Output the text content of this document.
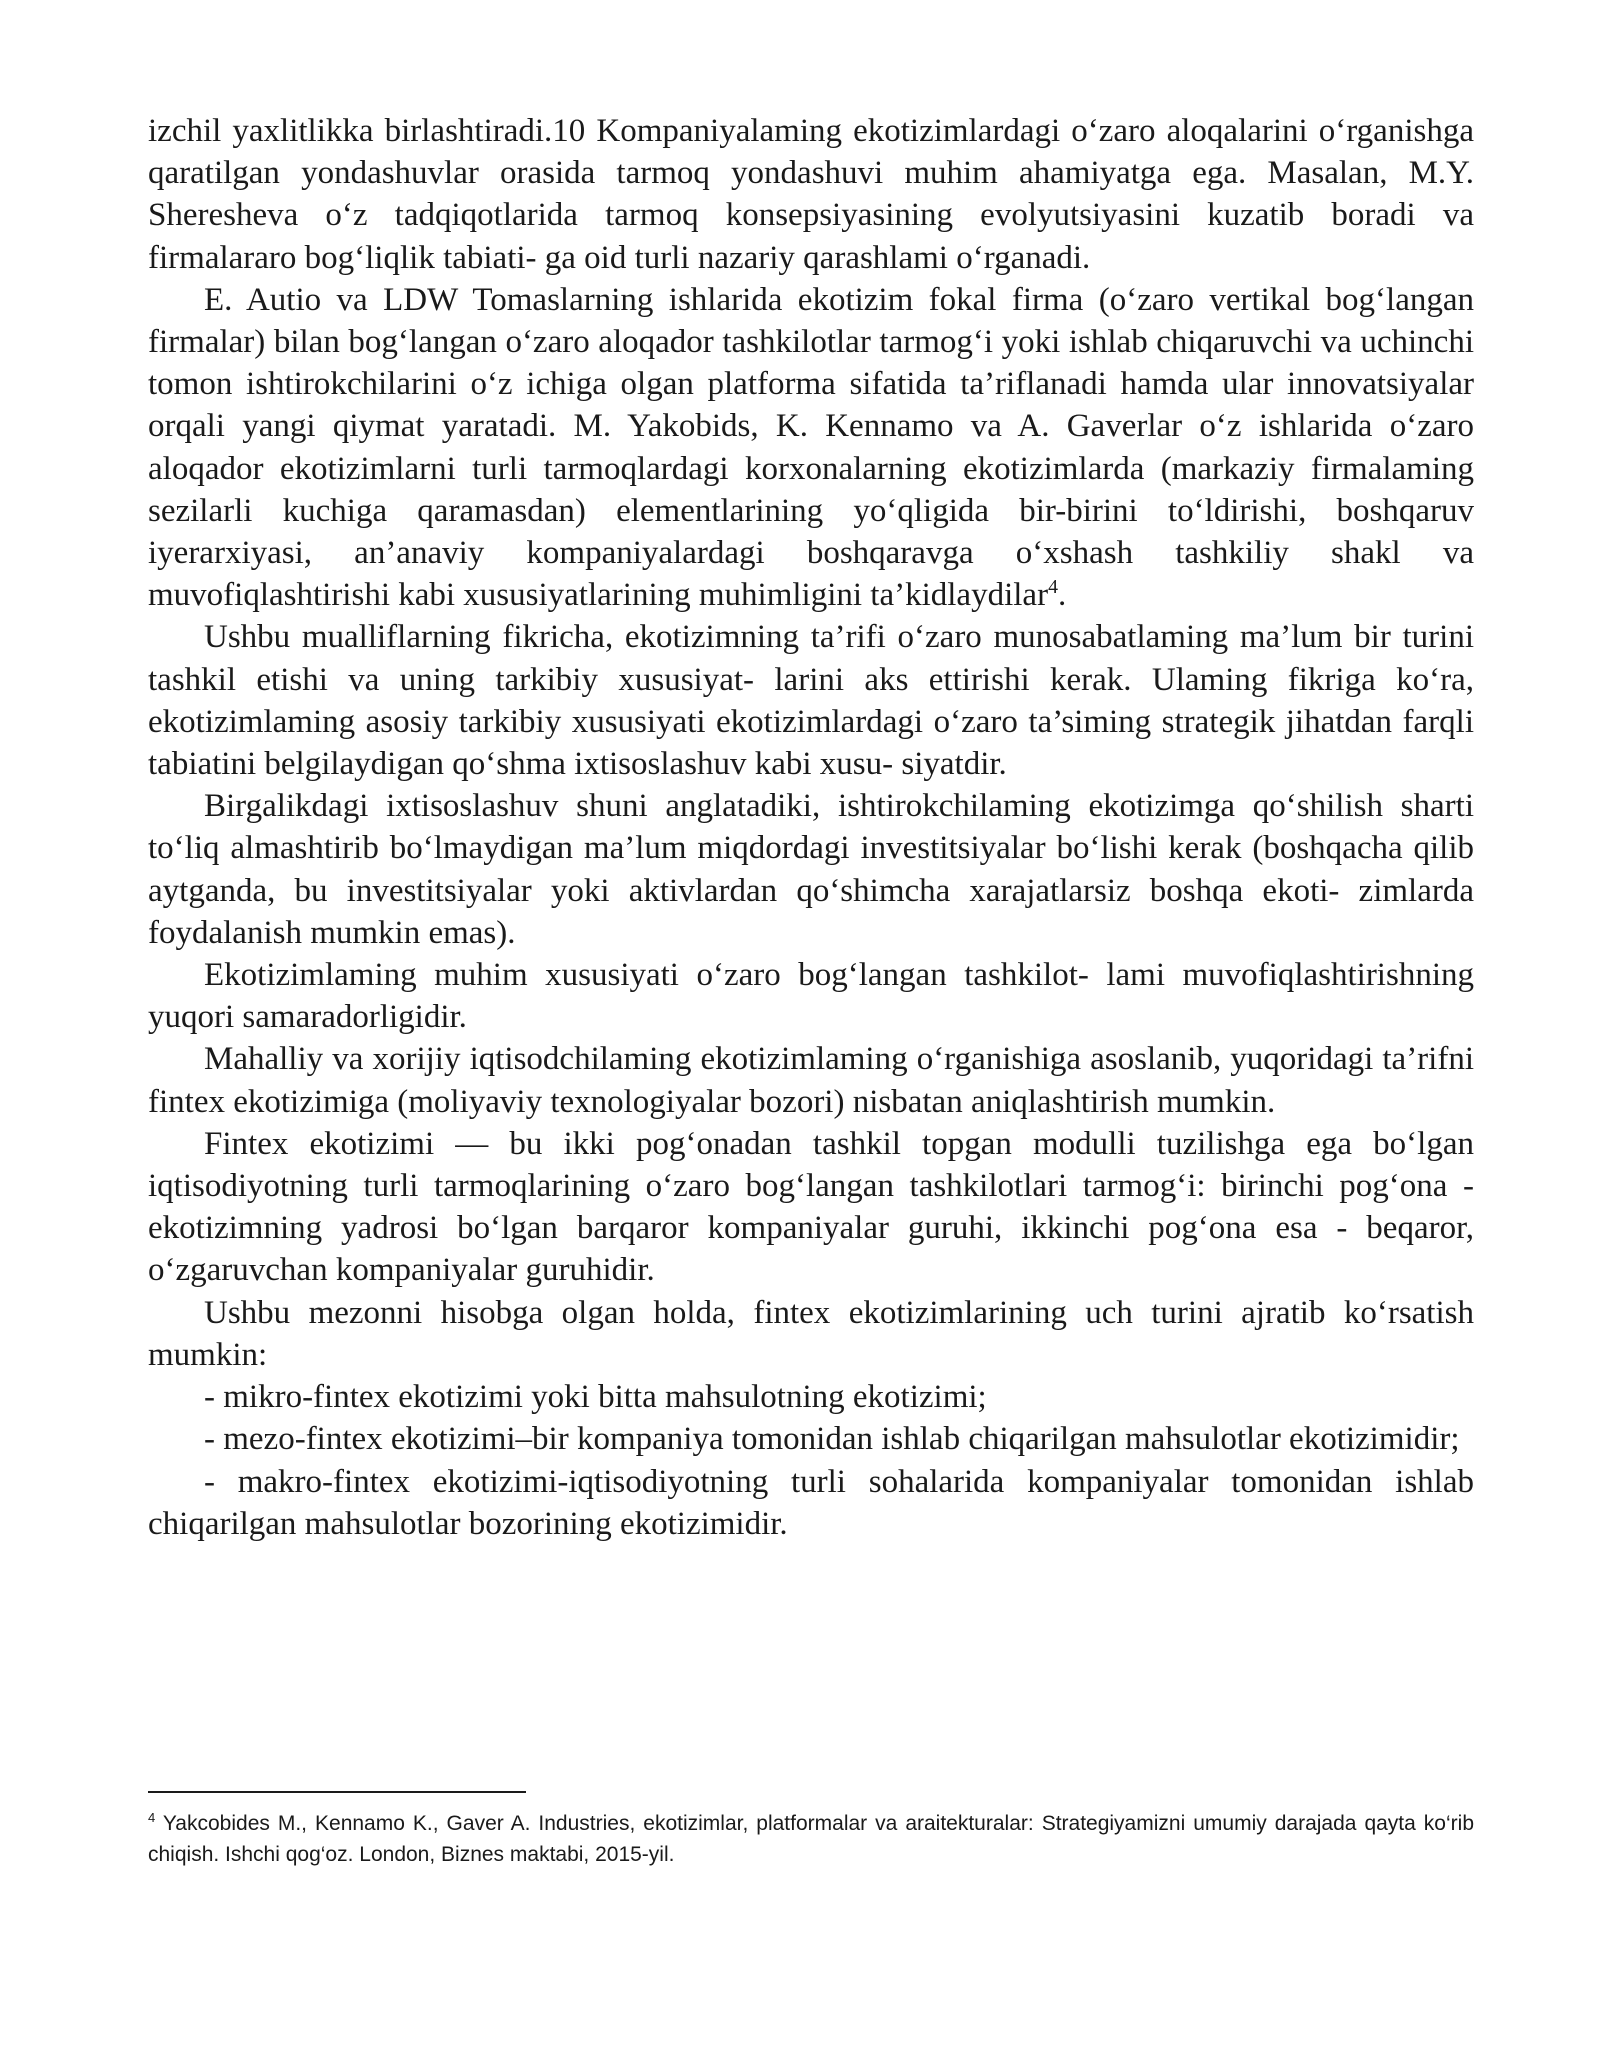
izchil yaxlitlikka birlashtiradi.10 Kompaniyalaming ekotizimlardagi o‘zaro aloqalarini o‘rganishga qaratilgan yondashuvlar orasida tarmoq yondashuvi muhim ahamiyatga ega. Masalan, M.Y. Sheresheva o‘z tadqiqotlarida tarmoq konsepsiyasining evolyutsiyasini kuzatib boradi va firmalararo bog‘liqlik tabiati- ga oid turli nazariy qarashlami o‘rganadi.

E. Autio va LDW Tomaslarning ishlarida ekotizim fokal firma (o‘zaro vertikal bog‘langan firmalar) bilan bog‘langan o‘zaro aloqador tashkilotlar tarmog‘i yoki ishlab chiqaruvchi va uchinchi tomon ishtirokchilarini o‘z ichiga olgan platforma sifatida ta’riflanadi hamda ular innovatsiyalar orqali yangi qiymat yaratadi. M. Yakobids, K. Kennamo va A. Gaverlar o‘z ishlarida o‘zaro aloqador ekotizimlarni turli tarmoqlardagi korxonalarning ekotizimlarda (markaziy firmalaming sezilarli kuchiga qaramasdan) elementlarining yo‘qligida bir-birini to‘ldirishi, boshqaruv iyerarxiyasi, an’anaviy kompaniyalardagi boshqaravga o‘xshash tashkiliy shakl va muvofiqlashtirishi kabi xususiyatlarining muhimligini ta’kidlaydilar$^4$.

Ushbu mualliflarning fikricha, ekotizimning ta’rifi o‘zaro munosabatlaming ma’lum bir turini tashkil etishi va uning tarkibiy xususiyat- larini aks ettirishi kerak. Ulaming fikriga ko‘ra, ekotizimlaming asosiy tarkibiy xususiyati ekotizimlardagi o‘zaro ta’siming strategik jihatdan farqli tabiatini belgilaydigan qo‘shma ixtisoslashuv kabi xusu- siyatdir.

Birgalikdagi ixtisoslashuv shuni anglatadiki, ishtirokchilaming ekotizimga qo‘shilish sharti to‘liq almashtirib bo‘lmaydigan ma’lum miqdordagi investitsiyalar bo‘lishi kerak (boshqacha qilib aytganda, bu investitsiyalar yoki aktivlardan qo‘shimcha xarajatlarsiz boshqa ekoti- zimlarda foydalanish mumkin emas).

Ekotizimlaming muhim xususiyati o‘zaro bog‘langan tashkilot- lami muvofiqlashtirishning yuqori samaradorligidir.

Mahalliy va xorijiy iqtisodchilaming ekotizimlaming o‘rganishiga asoslanib, yuqoridagi ta’rifni fintex ekotizimiga (moliyaviy texnologiyalar bozori) nisbatan aniqlashtirish mumkin.

Fintex ekotizimi — bu ikki pog‘onadan tashkil topgan modulli tuzilishga ega bo‘lgan iqtisodiyotning turli tarmoqlarining o‘zaro bog‘langan tashkilotlari tarmog‘i: birinchi pog‘ona - ekotizimning yadrosi bo‘lgan barqaror kompaniyalar guruhi, ikkinchi pog‘ona esa - beqaror, o‘zgaruvchan kompaniyalar guruhidir.

Ushbu mezonni hisobga olgan holda, fintex ekotizimlarining uch turini ajratib ko‘rsatish mumkin:

- mikro-fintex ekotizimi yoki bitta mahsulotning ekotizimi;

- mezo-fintex ekotizimi–bir kompaniya tomonidan ishlab chiqarilgan mahsulotlar ekotizimidir;

- makro-fintex ekotizimi-iqtisodiyotning turli sohalarida kompaniyalar tomonidan ishlab chiqarilgan mahsulotlar bozorining ekotizimidir.

$^4$ Yakcobides M., Kennamo K., Gaver A. Industries, ekotizimlar, platformalar va araitekturalar: Strategiyamizni umumiy darajada qayta ko‘rib chiqish. Ishchi qog‘oz. London, Biznes maktabi, 2015-yil.
